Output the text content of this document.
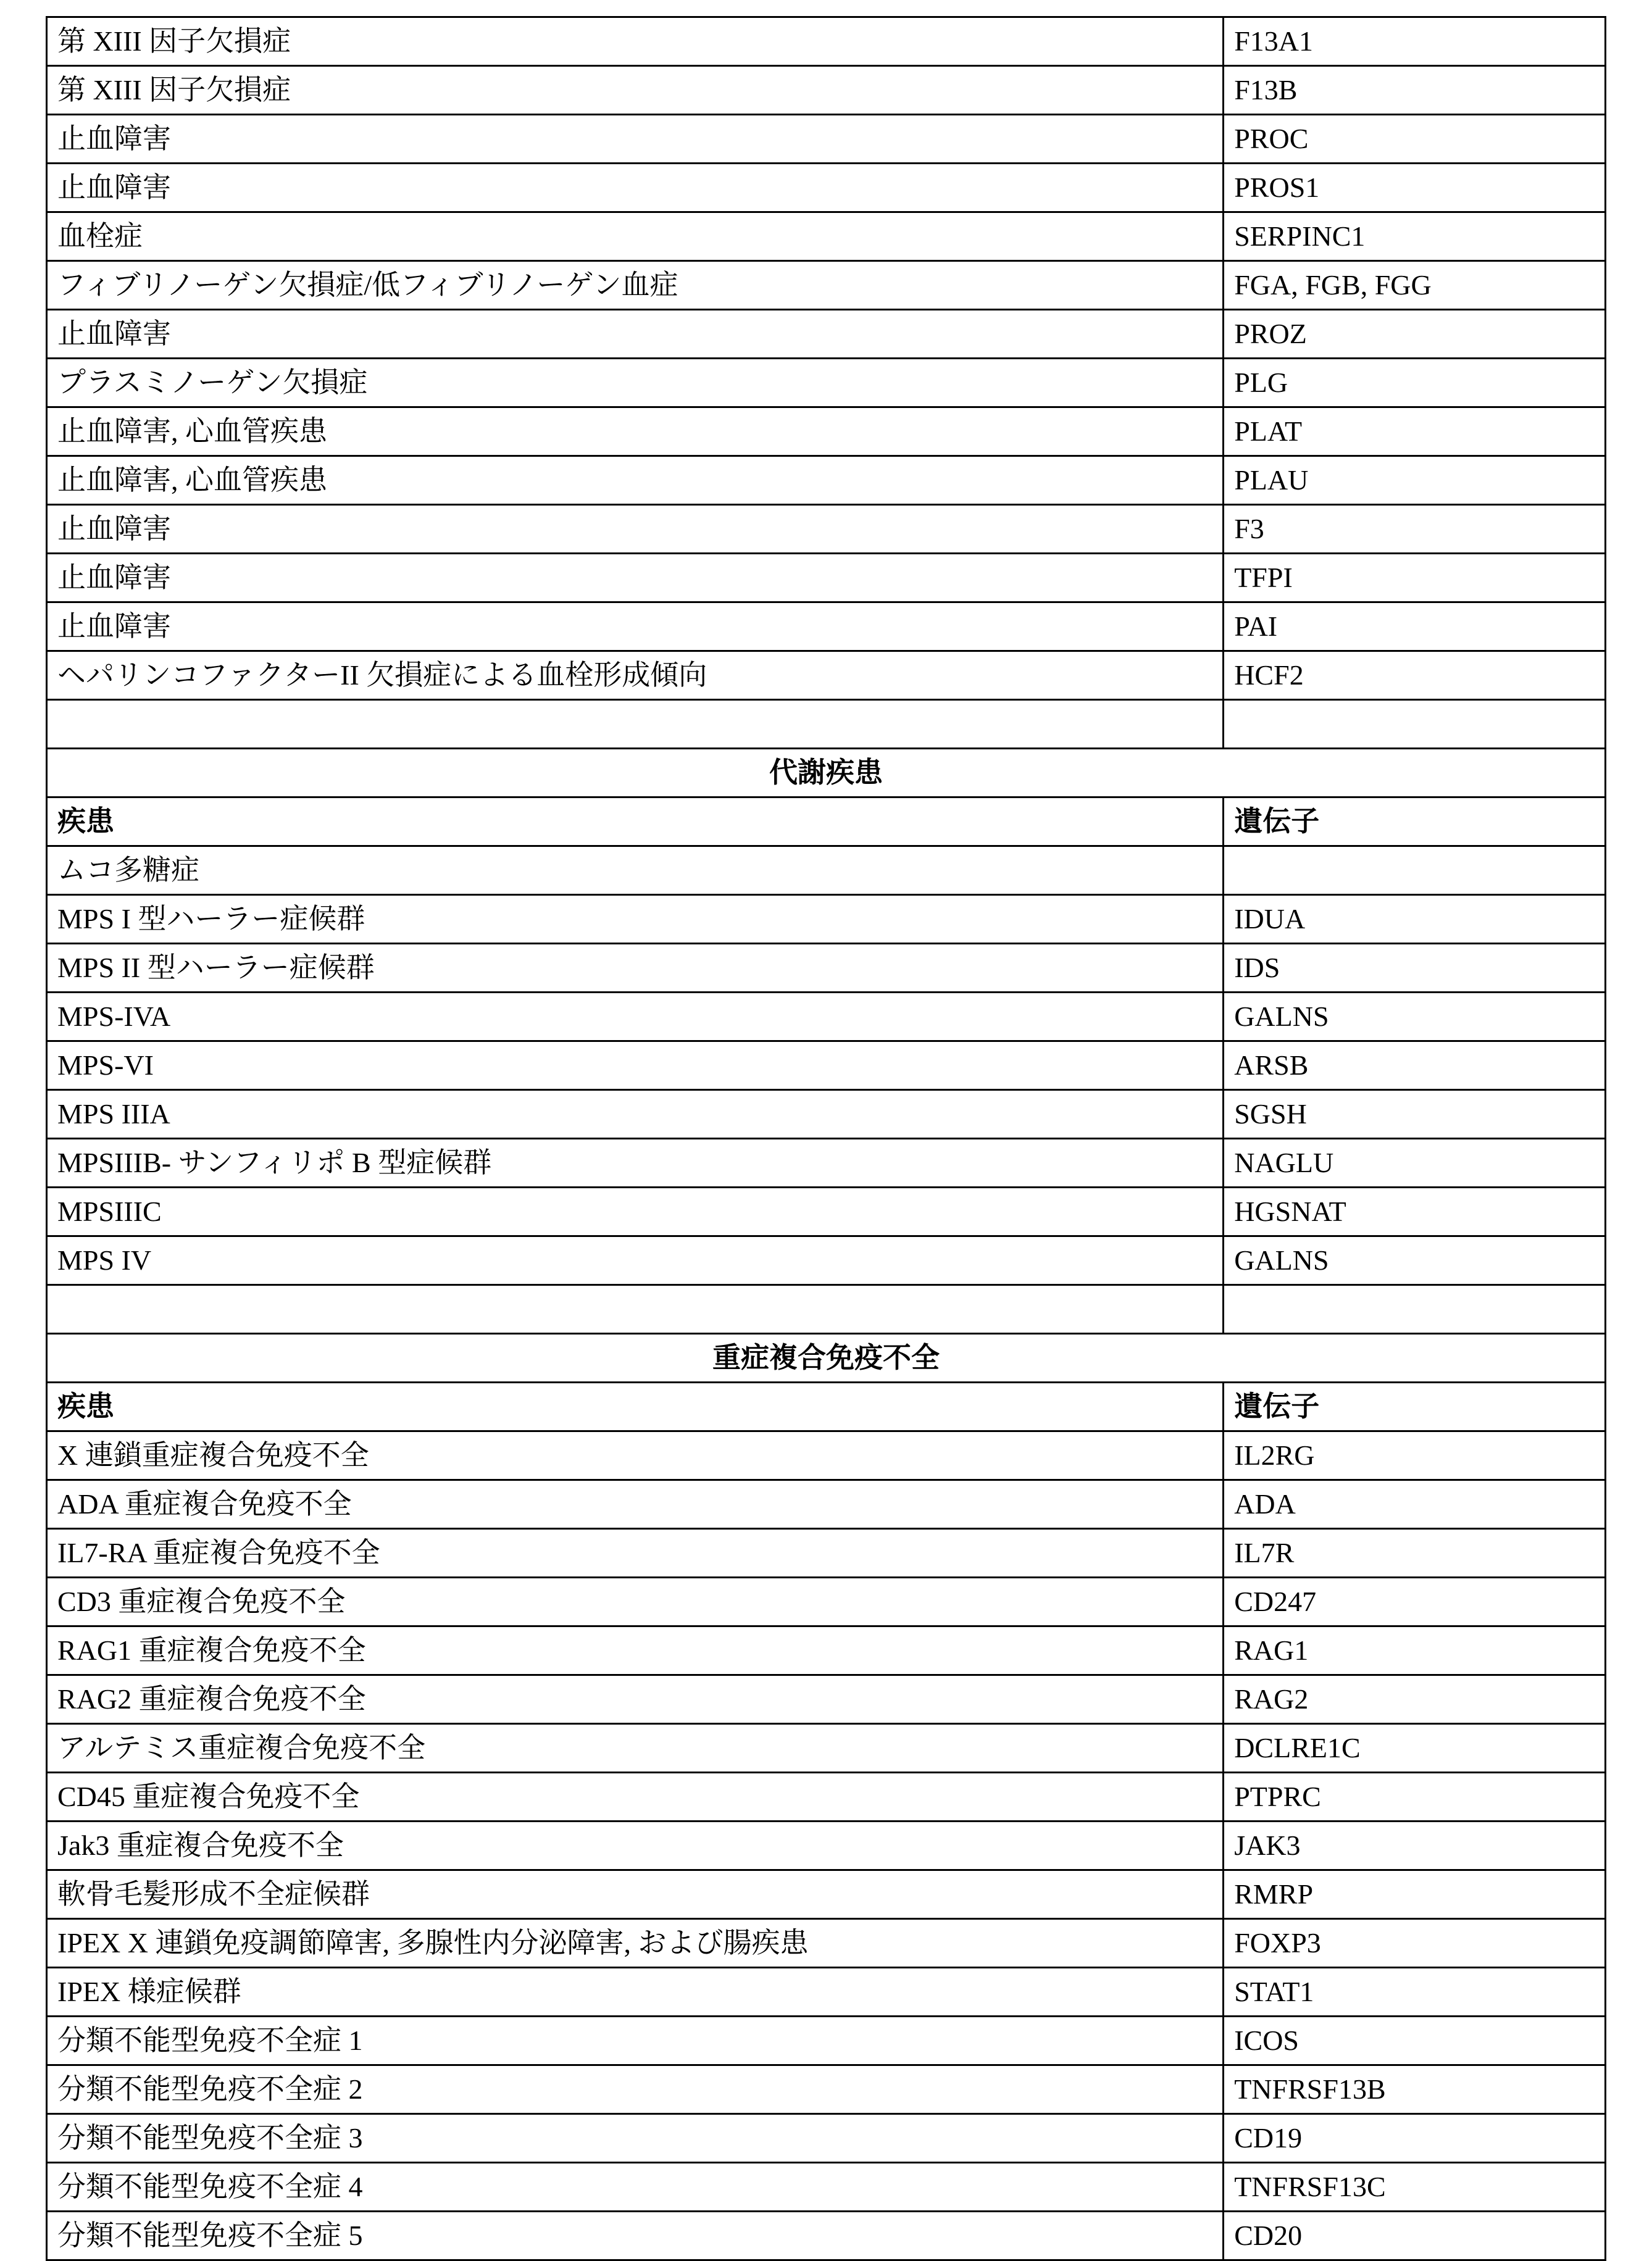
第 XIII 因子欠損症	F13A1
第 XIII 因子欠損症	F13B
止血障害	PROC
止血障害	PROS1
血栓症	SERPINC1
フィブリノーゲン欠損症/低フィブリノーゲン血症	FGA, FGB, FGG
止血障害	PROZ
プラスミノーゲン欠損症	PLG
止血障害, 心血管疾患	PLAT
止血障害, 心血管疾患	PLAU
止血障害	F3
止血障害	TFPI
止血障害	PAI
ヘパリンコファクターII 欠損症による血栓形成傾向	HCF2

代謝疾患	
疾患	遺伝子
ムコ多糖症	
MPS I 型ハーラー症候群	IDUA
MPS II 型ハーラー症候群	IDS
MPS-IVA	GALNS
MPS-VI	ARSB
MPS IIIA	SGSH
MPSIIIB- サンフィリポ B 型症候群	NAGLU
MPSIIIC	HGSNAT
MPS IV	GALNS

重症複合免疫不全	
疾患	遺伝子
X 連鎖重症複合免疫不全	IL2RG
ADA 重症複合免疫不全	ADA
IL7-RA 重症複合免疫不全	IL7R
CD3 重症複合免疫不全	CD247
RAG1 重症複合免疫不全	RAG1
RAG2 重症複合免疫不全	RAG2
アルテミス重症複合免疫不全	DCLRE1C
CD45 重症複合免疫不全	PTPRC
Jak3 重症複合免疫不全	JAK3
軟骨毛髪形成不全症候群	RMRP
IPEX X 連鎖免疫調節障害, 多腺性内分泌障害, および腸疾患	FOXP3
IPEX 様症候群	STAT1
分類不能型免疫不全症 1	ICOS
分類不能型免疫不全症 2	TNFRSF13B
分類不能型免疫不全症 3	CD19
分類不能型免疫不全症 4	TNFRSF13C
分類不能型免疫不全症 5	CD20
